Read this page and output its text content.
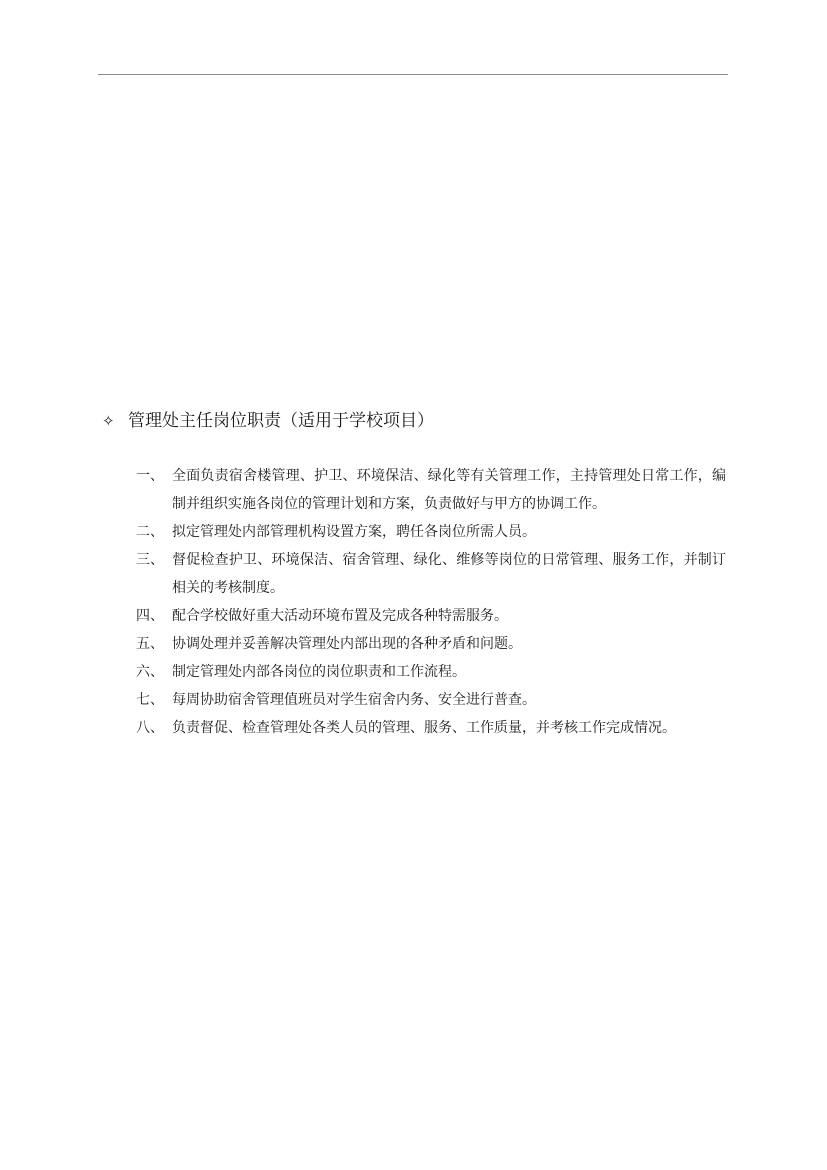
✧ 管理处主任岗位职责（适用于学校项目）
一、 全面负责宿舍楼管理、护卫、环境保洁、绿化等有关管理工作，主持管理处日常工作，编制并组织实施各岗位的管理计划和方案，负责做好与甲方的协调工作。
二、 拟定管理处内部管理机构设置方案，聘任各岗位所需人员。
三、 督促检查护卫、环境保洁、宿舍管理、绿化、维修等岗位的日常管理、服务工作，并制订相关的考核制度。
四、 配合学校做好重大活动环境布置及完成各种特需服务。
五、 协调处理并妥善解决管理处内部出现的各种矛盾和问题。
六、 制定管理处内部各岗位的岗位职责和工作流程。
七、 每周协助宿舍管理值班员对学生宿舍内务、安全进行普查。
八、 负责督促、检查管理处各类人员的管理、服务、工作质量，并考核工作完成情况。
